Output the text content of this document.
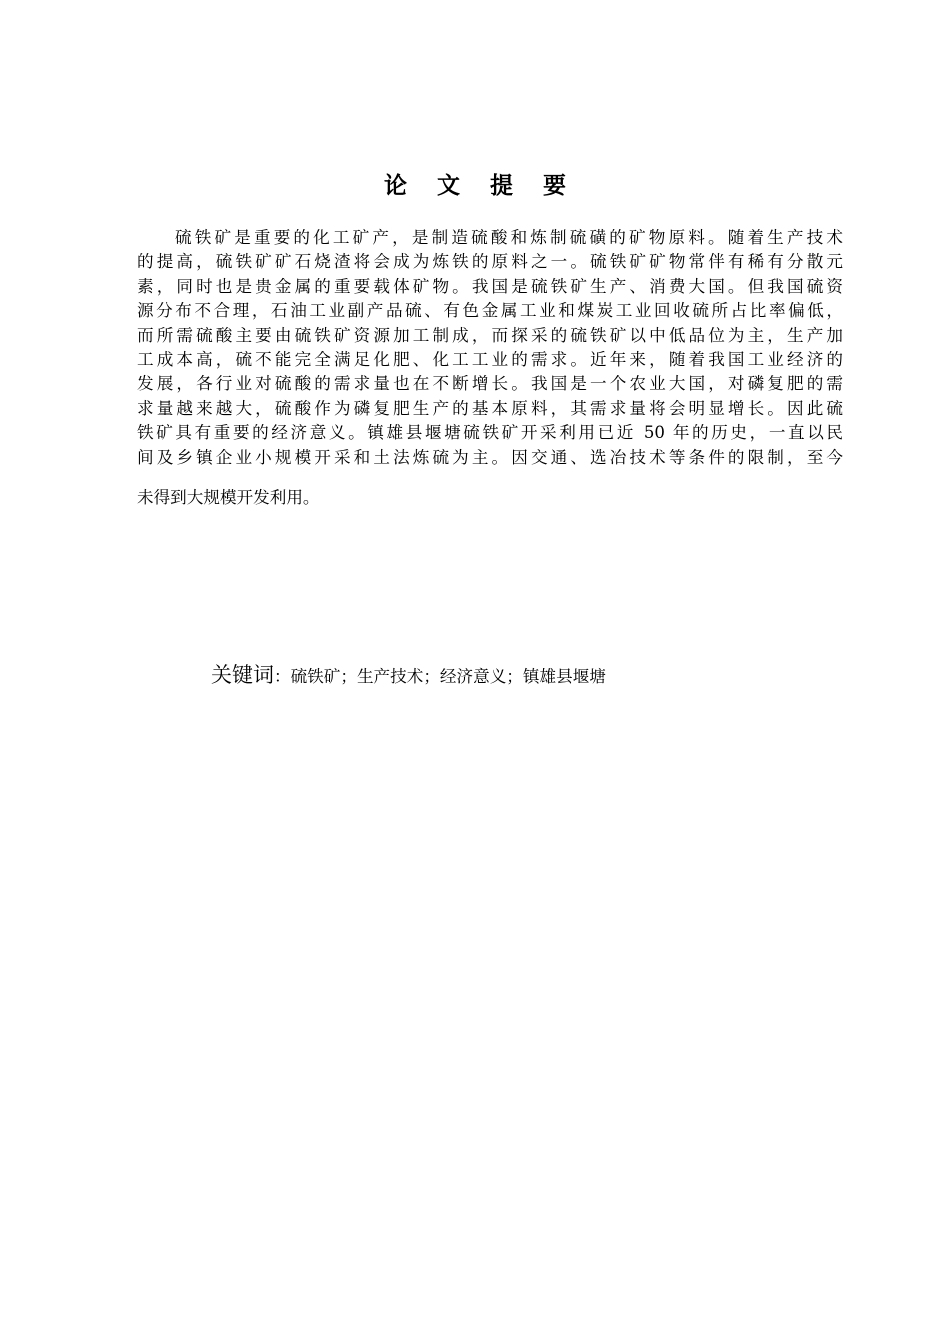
论 文 提 要
硫铁矿是重要的化工矿产，是制造硫酸和炼制硫磺的矿物原料。随着生产技术
的提高，硫铁矿矿石烧渣将会成为炼铁的原料之一。硫铁矿矿物常伴有稀有分散元
素，同时也是贵金属的重要载体矿物。我国是硫铁矿生产、消费大国。但我国硫资
源分布不合理，石油工业副产品硫、有色金属工业和煤炭工业回收硫所占比率偏低，
而所需硫酸主要由硫铁矿资源加工制成，而探采的硫铁矿以中低品位为主，生产加
工成本高，硫不能完全满足化肥、化工工业的需求。近年来，随着我国工业经济的
发展，各行业对硫酸的需求量也在不断增长。我国是一个农业大国，对磷复肥的需
求量越来越大，硫酸作为磷复肥生产的基本原料，其需求量将会明显增长。因此硫
铁矿具有重要的经济意义。镇雄县堰塘硫铁矿开采利用已近 50 年的历史，一直以民
间及乡镇企业小规模开采和土法炼硫为主。因交通、选冶技术等条件的限制，至今
未得到大规模开发利用。
关键词：硫铁矿；生产技术；经济意义；镇雄县堰塘
